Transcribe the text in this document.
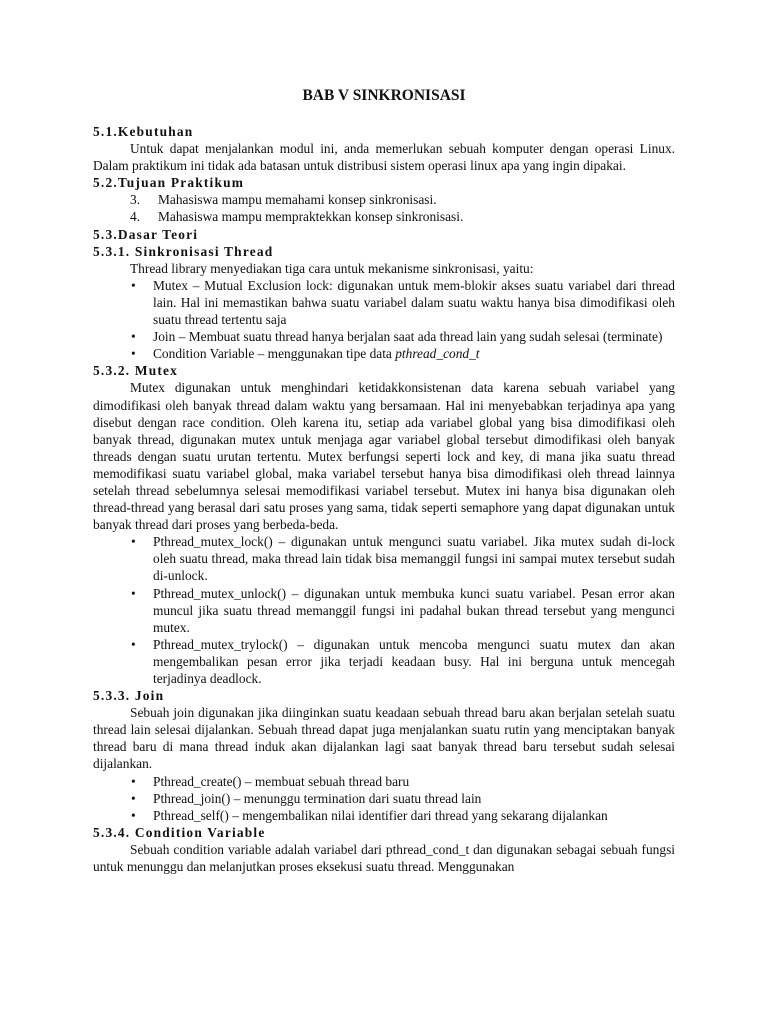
BAB V SINKRONISASI
5.1.Kebutuhan

Untuk dapat menjalankan modul ini, anda memerlukan sebuah komputer dengan operasi Linux. Dalam praktikum ini tidak ada batasan untuk distribusi sistem operasi linux apa yang ingin dipakai.

5.2.Tujuan Praktikum
3. Mahasiswa mampu memahami konsep sinkronisasi.
4. Mahasiswa mampu mempraktekkan konsep sinkronisasi.
5.3.Dasar Teori
5.3.1. Sinkronisasi Thread

Thread library menyediakan tiga cara untuk mekanisme sinkronisasi, yaitu:

• Mutex – Mutual Exclusion lock: digunakan untuk mem-blokir akses suatu variabel dari thread lain. Hal ini memastikan bahwa suatu variabel dalam suatu waktu hanya bisa dimodifikasi oleh suatu thread tertentu saja
• Join – Membuat suatu thread hanya berjalan saat ada thread lain yang sudah selesai (terminate)
• Condition Variable – menggunakan tipe data pthread_cond_t
5.3.2. Mutex

Mutex digunakan untuk menghindari ketidakkonsistenan data karena sebuah variabel yang dimodifikasi oleh banyak thread dalam waktu yang bersamaan. Hal ini menyebabkan terjadinya apa yang disebut dengan race condition. Oleh karena itu, setiap ada variabel global yang bisa dimodifikasi oleh banyak thread, digunakan mutex untuk menjaga agar variabel global tersebut dimodifikasi oleh banyak threads dengan suatu urutan tertentu. Mutex berfungsi seperti lock and key, di mana jika suatu thread memodifikasi suatu variabel global, maka variabel tersebut hanya bisa dimodifikasi oleh thread lainnya setelah thread sebelumnya selesai memodifikasi variabel tersebut. Mutex ini hanya bisa digunakan oleh thread-thread yang berasal dari satu proses yang sama, tidak seperti semaphore yang dapat digunakan untuk banyak thread dari proses yang berbeda-beda.

• Pthread_mutex_lock() – digunakan untuk mengunci suatu variabel. Jika mutex sudah di-lock oleh suatu thread, maka thread lain tidak bisa memanggil fungsi ini sampai mutex tersebut sudah di-unlock.
• Pthread_mutex_unlock() – digunakan untuk membuka kunci suatu variabel. Pesan error akan muncul jika suatu thread memanggil fungsi ini padahal bukan thread tersebut yang mengunci mutex.
• Pthread_mutex_trylock() – digunakan untuk mencoba mengunci suatu mutex dan akan mengembalikan pesan error jika terjadi keadaan busy. Hal ini berguna untuk mencegah terjadinya deadlock.
5.3.3. Join

Sebuah join digunakan jika diinginkan suatu keadaan sebuah thread baru akan berjalan setelah suatu thread lain selesai dijalankan. Sebuah thread dapat juga menjalankan suatu rutin yang menciptakan banyak thread baru di mana thread induk akan dijalankan lagi saat banyak thread baru tersebut sudah selesai dijalankan.

• Pthread_create() – membuat sebuah thread baru
• Pthread_join() – menunggu termination dari suatu thread lain
• Pthread_self() – mengembalikan nilai identifier dari thread yang sekarang dijalankan
5.3.4. Condition Variable

Sebuah condition variable adalah variabel dari pthread_cond_t dan digunakan sebagai sebuah fungsi untuk menunggu dan melanjutkan proses eksekusi suatu thread. Menggunakan
